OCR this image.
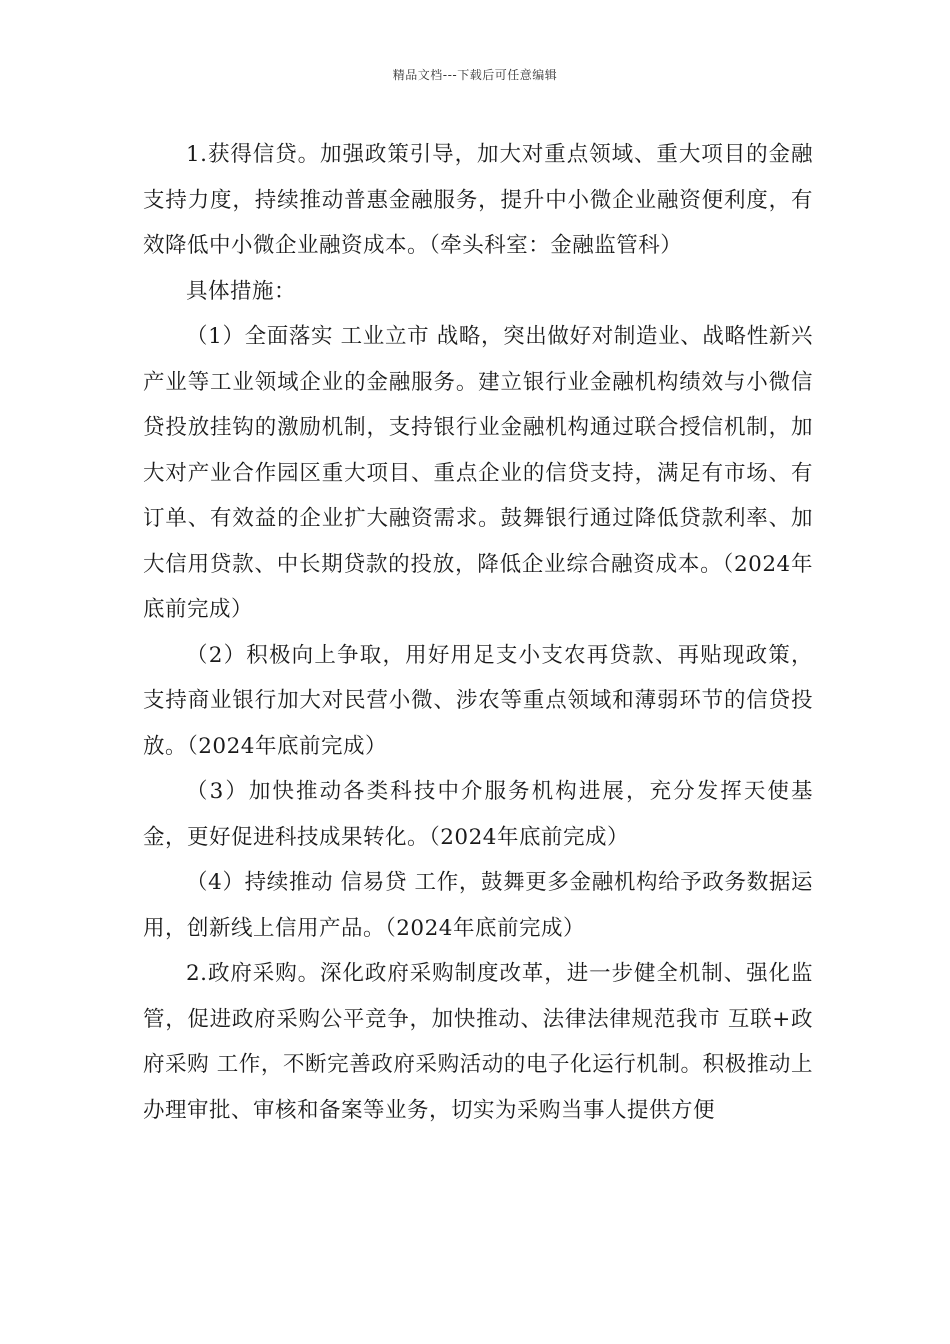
精品文档---下载后可任意编辑

1.获得信贷。加强政策引导，加大对重点领域、重大项目的金融支持力度，持续推动普惠金融服务，提升中小微企业融资便利度，有效降低中小微企业融资成本。（牵头科室：金融监管科）

具体措施：

（1）全面落实 工业立市 战略，突出做好对制造业、战略性新兴产业等工业领域企业的金融服务。建立银行业金融机构绩效与小微信贷投放挂钩的激励机制，支持银行业金融机构通过联合授信机制，加大对产业合作园区重大项目、重点企业的信贷支持，满足有市场、有订单、有效益的企业扩大融资需求。鼓舞银行通过降低贷款利率、加大信用贷款、中长期贷款的投放，降低企业综合融资成本。（2024年底前完成）

（2）积极向上争取，用好用足支小支农再贷款、再贴现政策，支持商业银行加大对民营小微、涉农等重点领域和薄弱环节的信贷投放。（2024年底前完成）

（3）加快推动各类科技中介服务机构进展，充分发挥天使基金，更好促进科技成果转化。（2024年底前完成）

（4）持续推动 信易贷 工作，鼓舞更多金融机构给予政务数据运用，创新线上信用产品。（2024年底前完成）

2.政府采购。深化政府采购制度改革，进一步健全机制、强化监管，促进政府采购公平竞争，加快推动、法律法律规范我市 互联+政府采购 工作，不断完善政府采购活动的电子化运行机制。积极推动上办理审批、审核和备案等业务，切实为采购当事人提供方便
